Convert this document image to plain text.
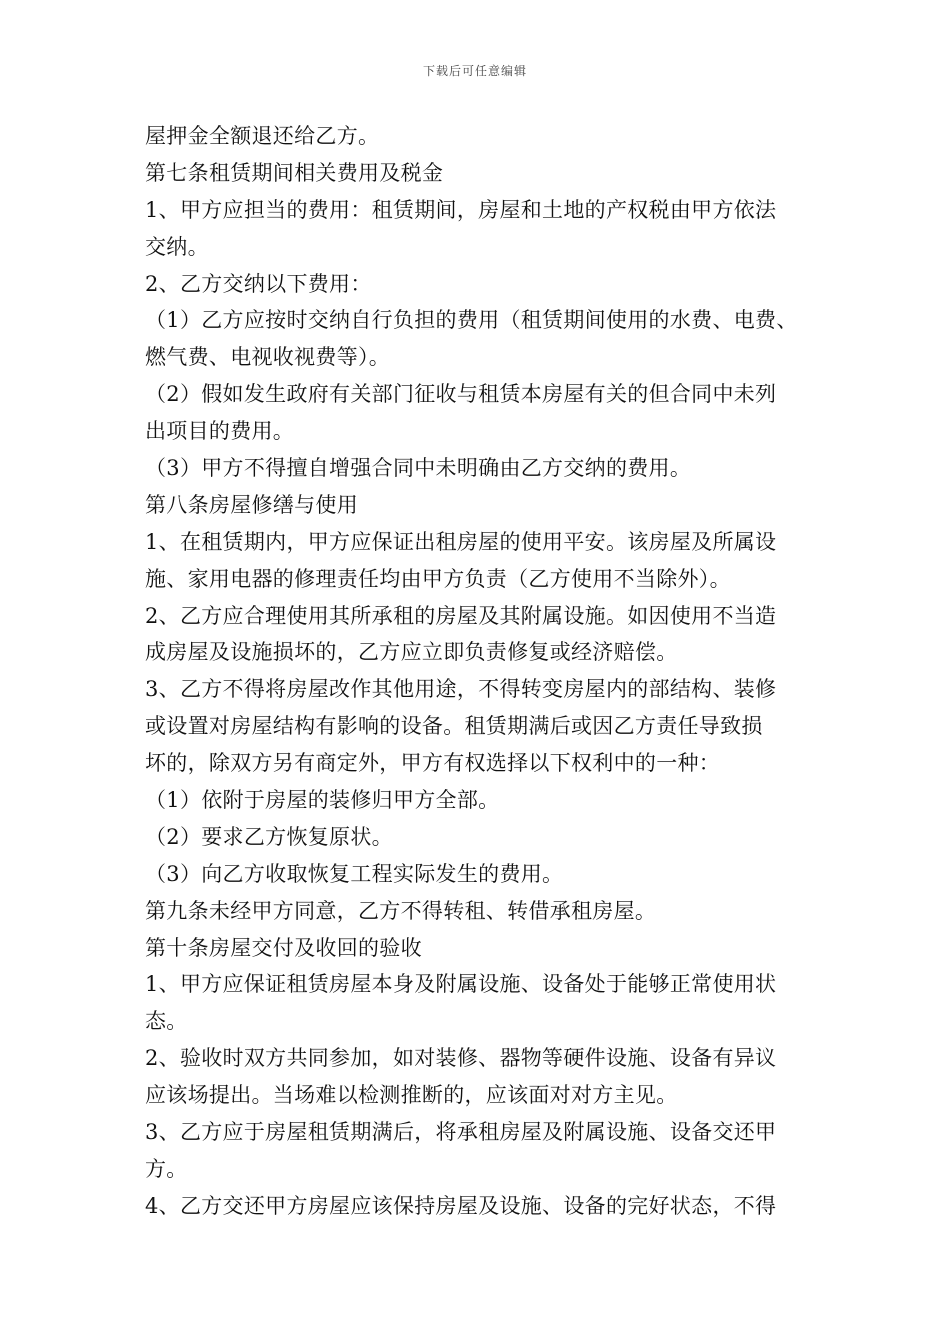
下载后可任意编辑
屋押金全额退还给乙方。
第七条租赁期间相关费用及税金
1、甲方应担当的费用：租赁期间，房屋和土地的产权税由甲方依法
交纳。
2、乙方交纳以下费用：
（1）乙方应按时交纳自行负担的费用（租赁期间使用的水费、电费、
燃气费、电视收视费等）。
（2）假如发生政府有关部门征收与租赁本房屋有关的但合同中未列
出项目的费用。
（3）甲方不得擅自增强合同中未明确由乙方交纳的费用。
第八条房屋修缮与使用
1、在租赁期内，甲方应保证出租房屋的使用平安。该房屋及所属设
施、家用电器的修理责任均由甲方负责（乙方使用不当除外）。
2、乙方应合理使用其所承租的房屋及其附属设施。如因使用不当造
成房屋及设施损坏的，乙方应立即负责修复或经济赔偿。
3、乙方不得将房屋改作其他用途，不得转变房屋内的部结构、装修
或设置对房屋结构有影响的设备。租赁期满后或因乙方责任导致损
坏的，除双方另有商定外，甲方有权选择以下权利中的一种：
（1）依附于房屋的装修归甲方全部。
（2）要求乙方恢复原状。
（3）向乙方收取恢复工程实际发生的费用。
第九条未经甲方同意，乙方不得转租、转借承租房屋。
第十条房屋交付及收回的验收
1、甲方应保证租赁房屋本身及附属设施、设备处于能够正常使用状
态。
2、验收时双方共同参加，如对装修、器物等硬件设施、设备有异议
应该场提出。当场难以检测推断的，应该面对对方主见。
3、乙方应于房屋租赁期满后，将承租房屋及附属设施、设备交还甲
方。
4、乙方交还甲方房屋应该保持房屋及设施、设备的完好状态，不得
